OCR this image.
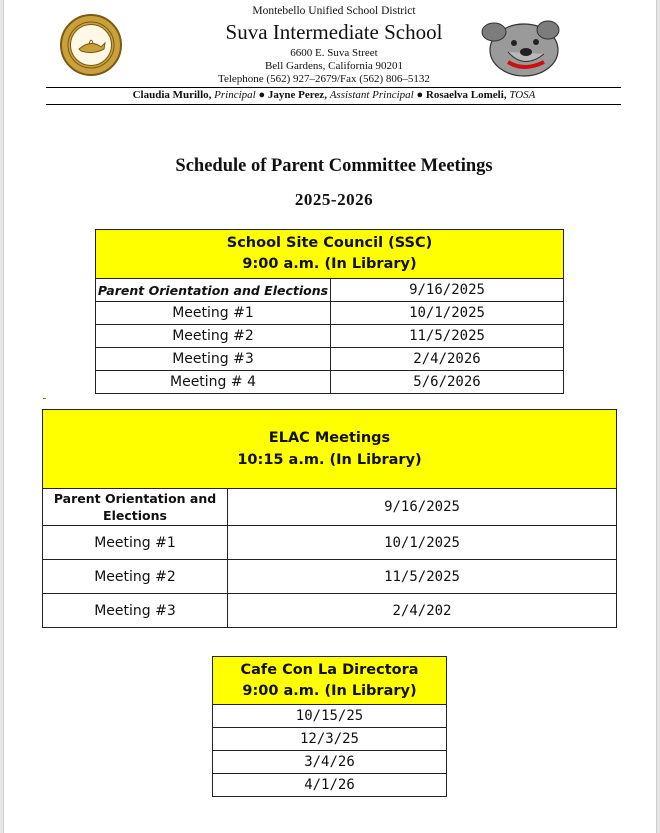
Montebello Unified School District
Suva Intermediate School
6600 E. Suva Street
Bell Gardens, California 90201
Telephone (562) 927–2679/Fax (562) 806–5132
Claudia Murillo, Principal ● Jayne Perez, Assistant Principal ● Rosaelva Lomeli, TOSA
Schedule of Parent Committee Meetings
2025-2026
School Site Council (SSC)
9:00 a.m. (In Library)	

Parent Orientation and Elections	9/16/2025
Meeting #1	10/1/2025
Meeting #2	11/5/2025
Meeting #3	2/4/2026
Meeting # 4	5/6/2026
ELAC Meetings
10:15 a.m. (In Library)	

Parent Orientation and Elections	9/16/2025
Meeting #1	10/1/2025
Meeting #2	11/5/2025
Meeting #3	2/4/202
Cafe Con La Directora
9:00 a.m. (In Library)

10/15/25
12/3/25
3/4/26
4/1/26
